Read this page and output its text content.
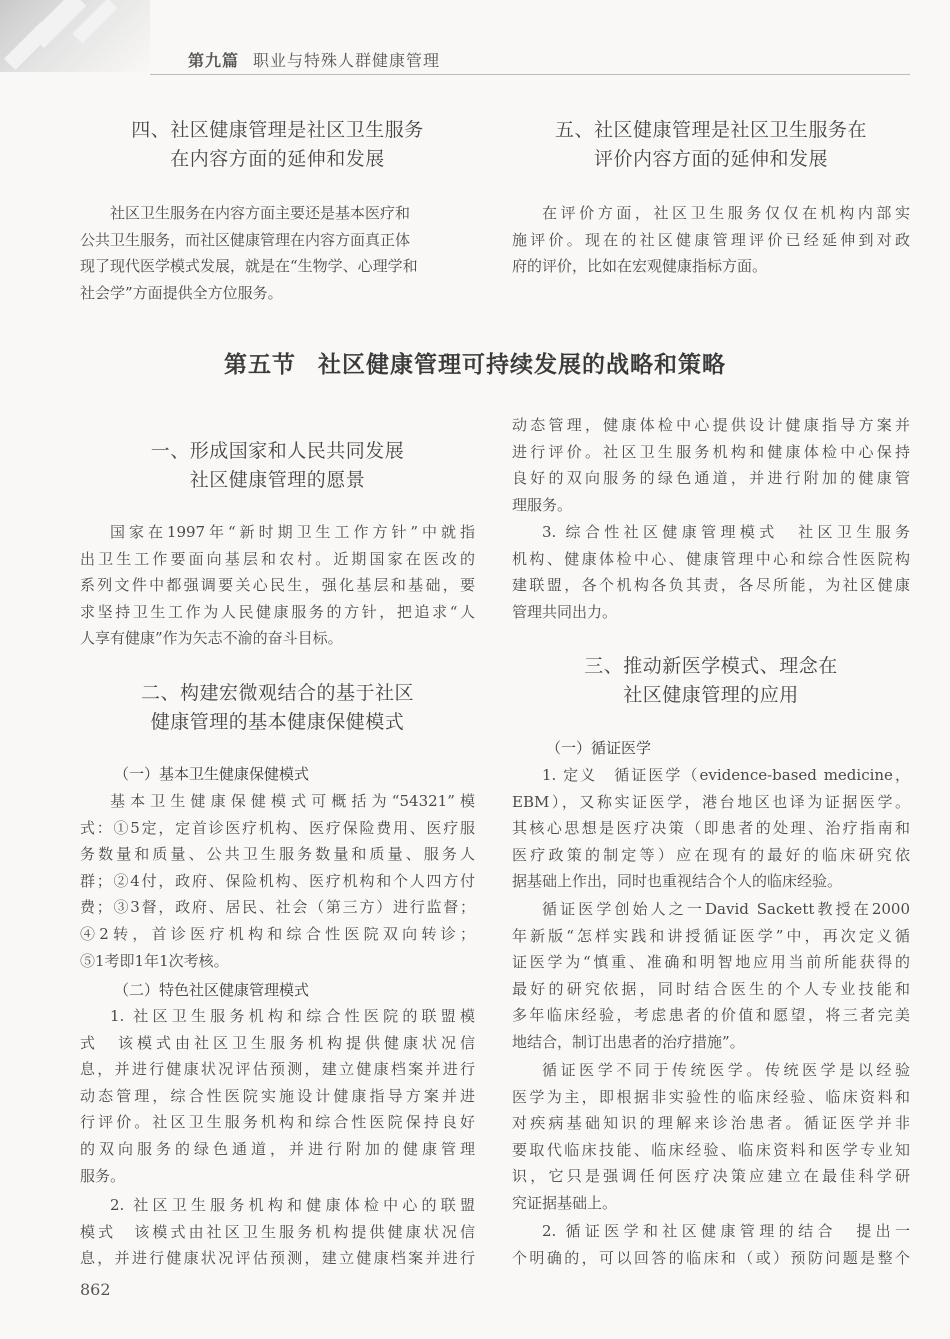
第九篇 职业与特殊人群健康管理
四、社区健康管理是社区卫生服务
在内容方面的延伸和发展
社区卫生服务在内容方面主要还是基本医疗和
公共卫生服务，而社区健康管理在内容方面真正体
现了现代医学模式发展，就是在“生物学、心理学和
社会学”方面提供全方位服务。
五、社区健康管理是社区卫生服务在
评价内容方面的延伸和发展
在评价方面，社区卫生服务仅仅在机构内部实
施评价。现在的社区健康管理评价已经延伸到对政
府的评价，比如在宏观健康指标方面。
第五节 社区健康管理可持续发展的战略和策略
一、形成国家和人民共同发展
社区健康管理的愿景
国家在1997年“新时期卫生工作方针”中就指
出卫生工作要面向基层和农村。近期国家在医改的
系列文件中都强调要关心民生，强化基层和基础，要
求坚持卫生工作为人民健康服务的方针，把追求“人
人享有健康”作为矢志不渝的奋斗目标。
二、构建宏微观结合的基于社区
健康管理的基本健康保健模式
（一）基本卫生健康保健模式
基本卫生健康保健模式可概括为“54321”模
式：①5定，定首诊医疗机构、医疗保险费用、医疗服
务数量和质量、公共卫生服务数量和质量、服务人
群；②4付，政府、保险机构、医疗机构和个人四方付
费；③3督，政府、居民、社会（第三方）进行监督；
④2转，首诊医疗机构和综合性医院双向转诊；
⑤1考即1年1次考核。
（二）特色社区健康管理模式
1. 社区卫生服务机构和综合性医院的联盟模
式　该模式由社区卫生服务机构提供健康状况信
息，并进行健康状况评估预测，建立健康档案并进行
动态管理，综合性医院实施设计健康指导方案并进
行评价。社区卫生服务机构和综合性医院保持良好
的双向服务的绿色通道，并进行附加的健康管理
服务。
2. 社区卫生服务机构和健康体检中心的联盟
模式　该模式由社区卫生服务机构提供健康状况信
息，并进行健康状况评估预测，建立健康档案并进行
动态管理，健康体检中心提供设计健康指导方案并
进行评价。社区卫生服务机构和健康体检中心保持
良好的双向服务的绿色通道，并进行附加的健康管
理服务。
3. 综合性社区健康管理模式　社区卫生服务
机构、健康体检中心、健康管理中心和综合性医院构
建联盟，各个机构各负其责，各尽所能，为社区健康
管理共同出力。
三、推动新医学模式、理念在
社区健康管理的应用
（一）循证医学
1. 定义　循证医学（evidence-based medicine，
EBM），又称实证医学，港台地区也译为证据医学。
其核心思想是医疗决策（即患者的处理、治疗指南和
医疗政策的制定等）应在现有的最好的临床研究依
据基础上作出，同时也重视结合个人的临床经验。
循证医学创始人之一David Sackett教授在2000
年新版“怎样实践和讲授循证医学”中，再次定义循
证医学为“慎重、准确和明智地应用当前所能获得的
最好的研究依据，同时结合医生的个人专业技能和
多年临床经验，考虑患者的价值和愿望，将三者完美
地结合，制订出患者的治疗措施”。
循证医学不同于传统医学。传统医学是以经验
医学为主，即根据非实验性的临床经验、临床资料和
对疾病基础知识的理解来诊治患者。循证医学并非
要取代临床技能、临床经验、临床资料和医学专业知
识，它只是强调任何医疗决策应建立在最佳科学研
究证据基础上。
2. 循证医学和社区健康管理的结合　提出一
个明确的，可以回答的临床和（或）预防问题是整个
862
